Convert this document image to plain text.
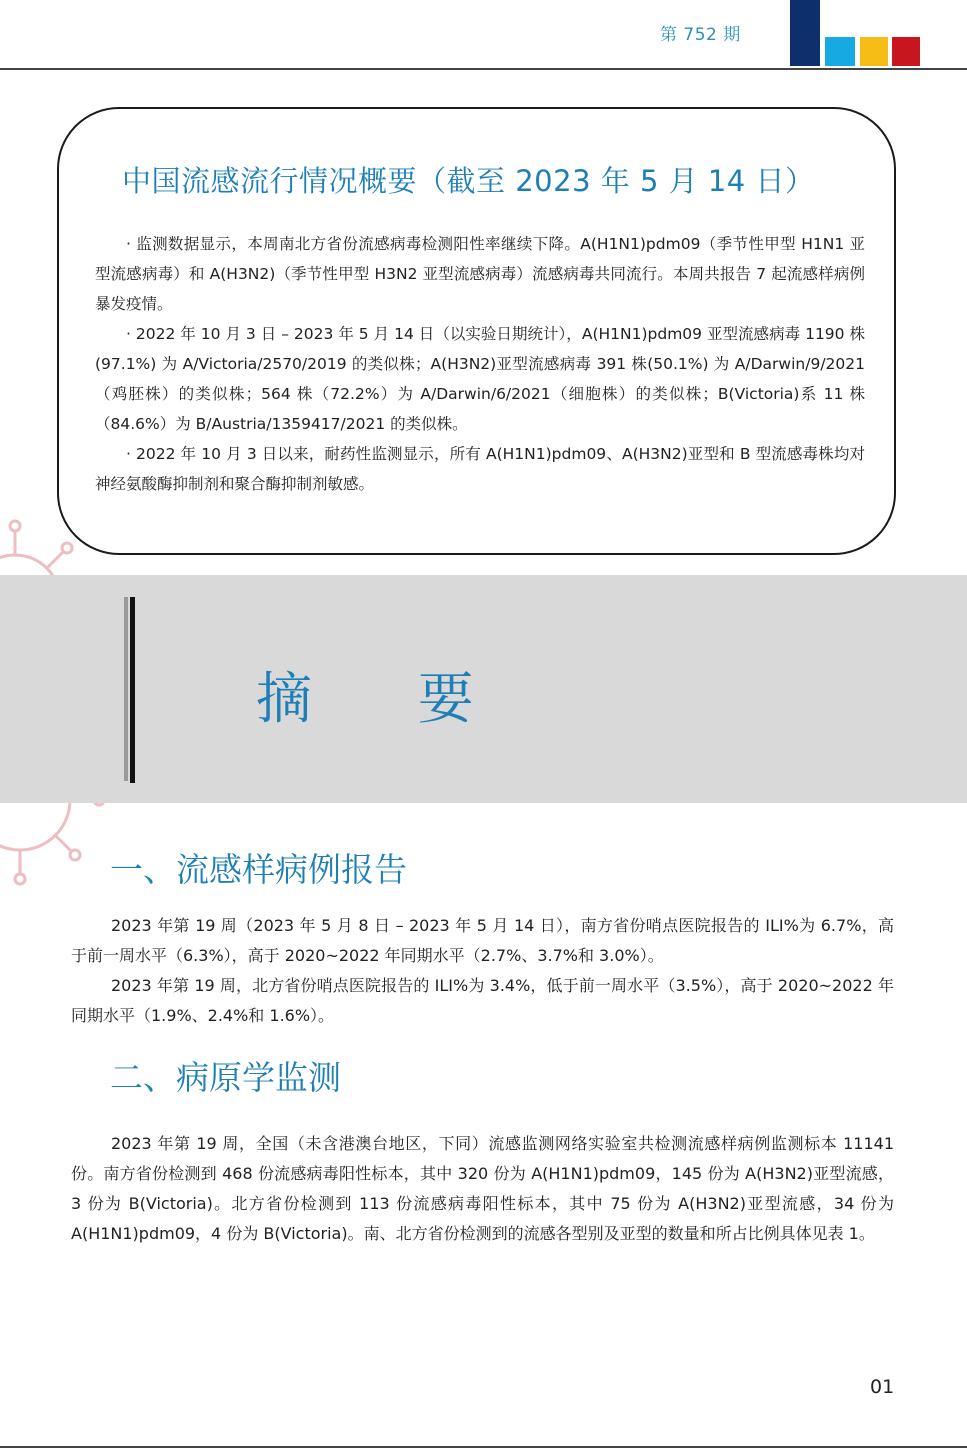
第 752 期
中国流感流行情况概要（截至 2023 年 5 月 14 日）

· 监测数据显示，本周南北方省份流感病毒检测阳性率继续下降。A(H1N1)pdm09（季节性甲型 H1N1 亚型流感病毒）和 A(H3N2)（季节性甲型 H3N2 亚型流感病毒）流感病毒共同流行。本周共报告 7 起流感样病例暴发疫情。

· 2022 年 10 月 3 日 – 2023 年 5 月 14 日（以实验日期统计），A(H1N1)pdm09 亚型流感病毒 1190 株(97.1%) 为 A/Victoria/2570/2019 的类似株；A(H3N2)亚型流感病毒 391 株(50.1%) 为 A/Darwin/9/2021（鸡胚株）的类似株；564 株（72.2%）为 A/Darwin/6/2021（细胞株）的类似株；B(Victoria)系 11 株（84.6%）为 B/Austria/1359417/2021 的类似株。

· 2022 年 10 月 3 日以来，耐药性监测显示，所有 A(H1N1)pdm09、A(H3N2)亚型和 B 型流感毒株均对神经氨酸酶抑制剂和聚合酶抑制剂敏感。

摘 要
一、流感样病例报告

2023 年第 19 周（2023 年 5 月 8 日 – 2023 年 5 月 14 日），南方省份哨点医院报告的 ILI%为 6.7%，高于前一周水平（6.3%），高于 2020~2022 年同期水平（2.7%、3.7%和 3.0%）。

2023 年第 19 周，北方省份哨点医院报告的 ILI%为 3.4%，低于前一周水平（3.5%），高于 2020~2022 年同期水平（1.9%、2.4%和 1.6%）。

二、病原学监测

2023 年第 19 周，全国（未含港澳台地区，下同）流感监测网络实验室共检测流感样病例监测标本 11141 份。南方省份检测到 468 份流感病毒阳性标本，其中 320 份为 A(H1N1)pdm09，145 份为 A(H3N2)亚型流感，3 份为 B(Victoria)。北方省份检测到 113 份流感病毒阳性标本，其中 75 份为 A(H3N2)亚型流感，34 份为 A(H1N1)pdm09，4 份为 B(Victoria)。南、北方省份检测到的流感各型别及亚型的数量和所占比例具体见表 1。

01
